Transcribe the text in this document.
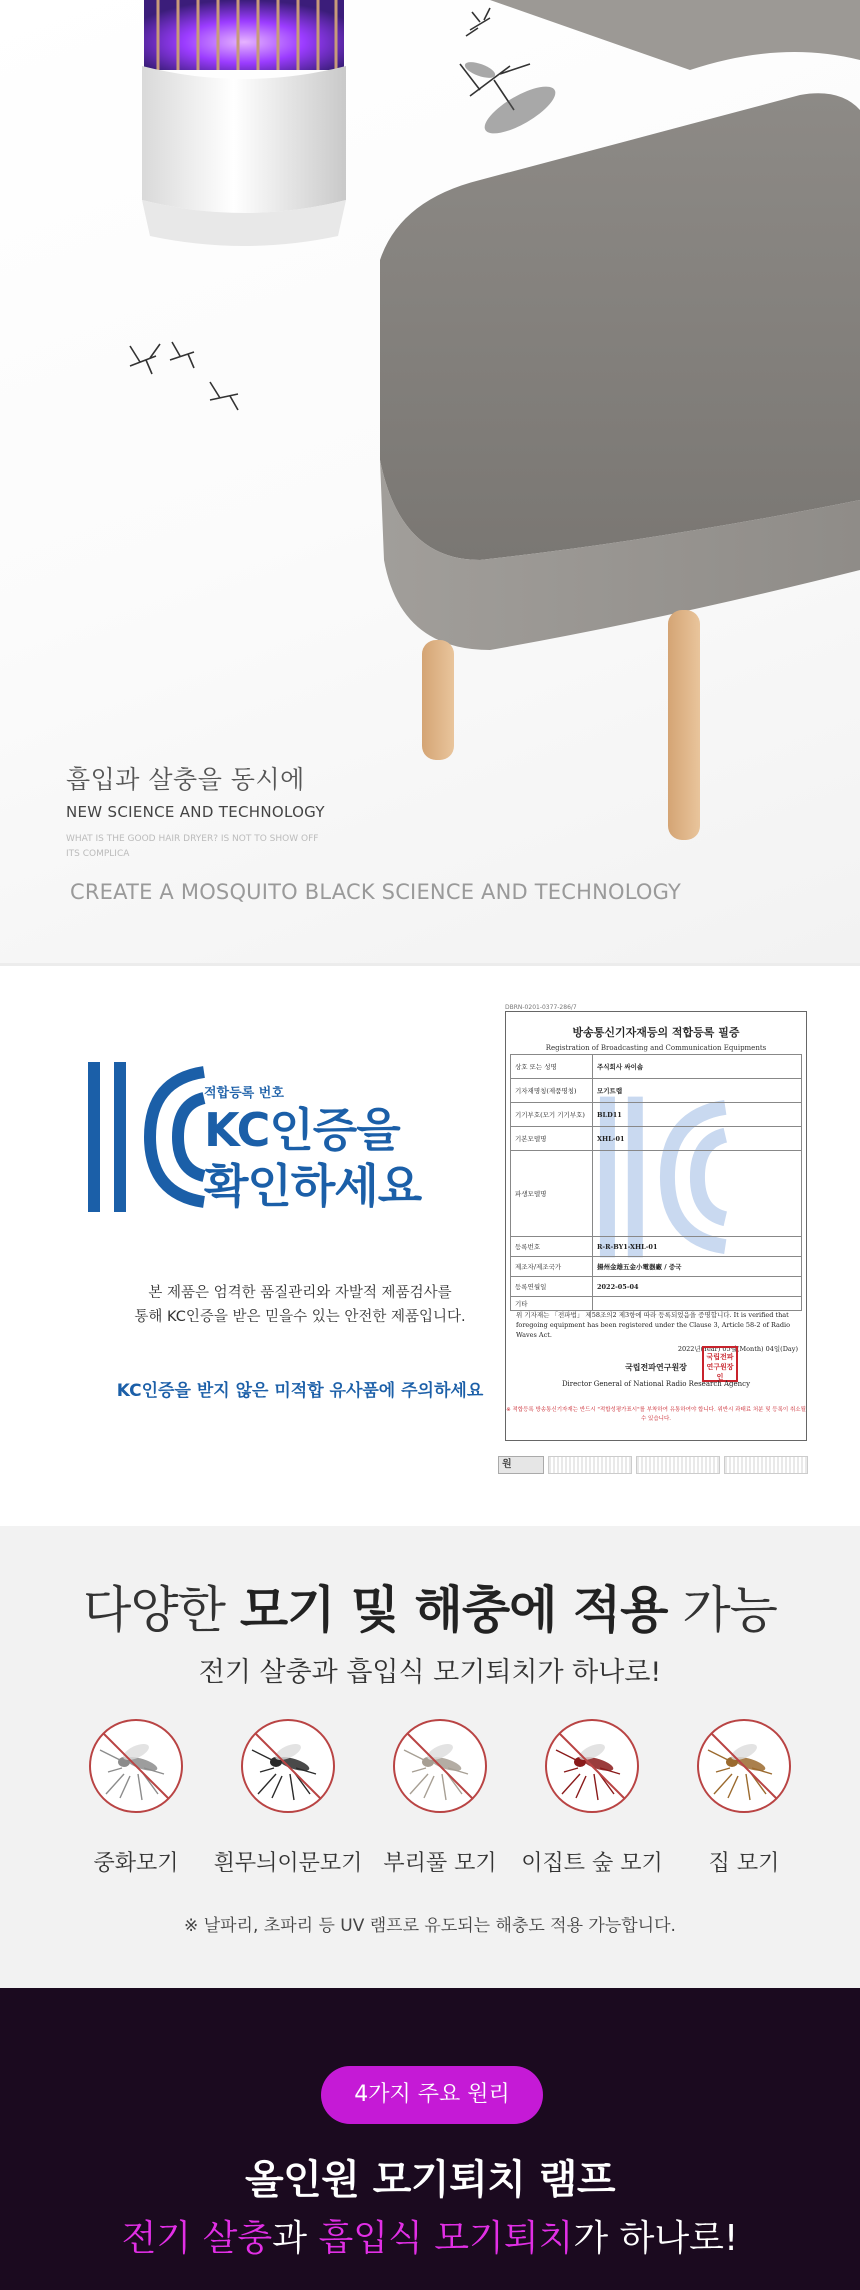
흡입과 살충을 동시에
NEW SCIENCE AND TECHNOLOGY
WHAT IS THE GOOD HAIR DRYER? IS NOT TO SHOW OFF ITS COMPLICA
CREATE A MOSQUITO BLACK SCIENCE AND TECHNOLOGY
적합등록 번호
KC인증을
확인하세요
본 제품은 엄격한 품질관리와 자발적 제품검사를
통해 KC인증을 받은 믿을수 있는 안전한 제품입니다.
KC인증을 받지 않은 미적합 유사품에 주의하세요
DBRN-0201-0377-286/7
방송통신기자재등의 적합등록 필증
Registration of Broadcasting and Communication Equipments
상호 또는 성명	주식회사 싸이숍
기자재명칭(제품명칭)	모기트랩
기기부호(모기 기기부호)	BLD11
기본모델명	XHL-01
파생모델명	
등록번호	R-R-BY1-XHL-01
제조자/제조국가	揚州金雄五金小電器廠 / 중국
등록연월일	2022-05-04
기타	
위 기자재는 「전파법」 제58조의2 제3항에 따라 등록되었음을 증명합니다. It is verified that foregoing equipment has been registered under the Clause 3, Article 58-2 of Radio Waves Act.
2022년(Year) 05월(Month) 04일(Day)
국립전파연구원장
국립전파연구원장인
Director General of National Radio Research Agency
※ 적합등록 방송통신기자재는 반드시 "적합성평가표시"를 부착하여 유통하여야 합니다. 위반시 과태료 처분 및 등록이 취소될 수 있습니다.
원
다양한 모기 및 해충에 적용 가능
전기 살충과 흡입식 모기퇴치가 하나로!
중화모기	흰무늬이문모기 부리풀 모기	이집트 숲 모기	집 모기
※ 날파리, 초파리 등 UV 램프로 유도되는 해충도 적용 가능합니다.
4가지 주요 원리
올인원 모기퇴치 램프
전기 살충과 흡입식 모기퇴치가 하나로!
